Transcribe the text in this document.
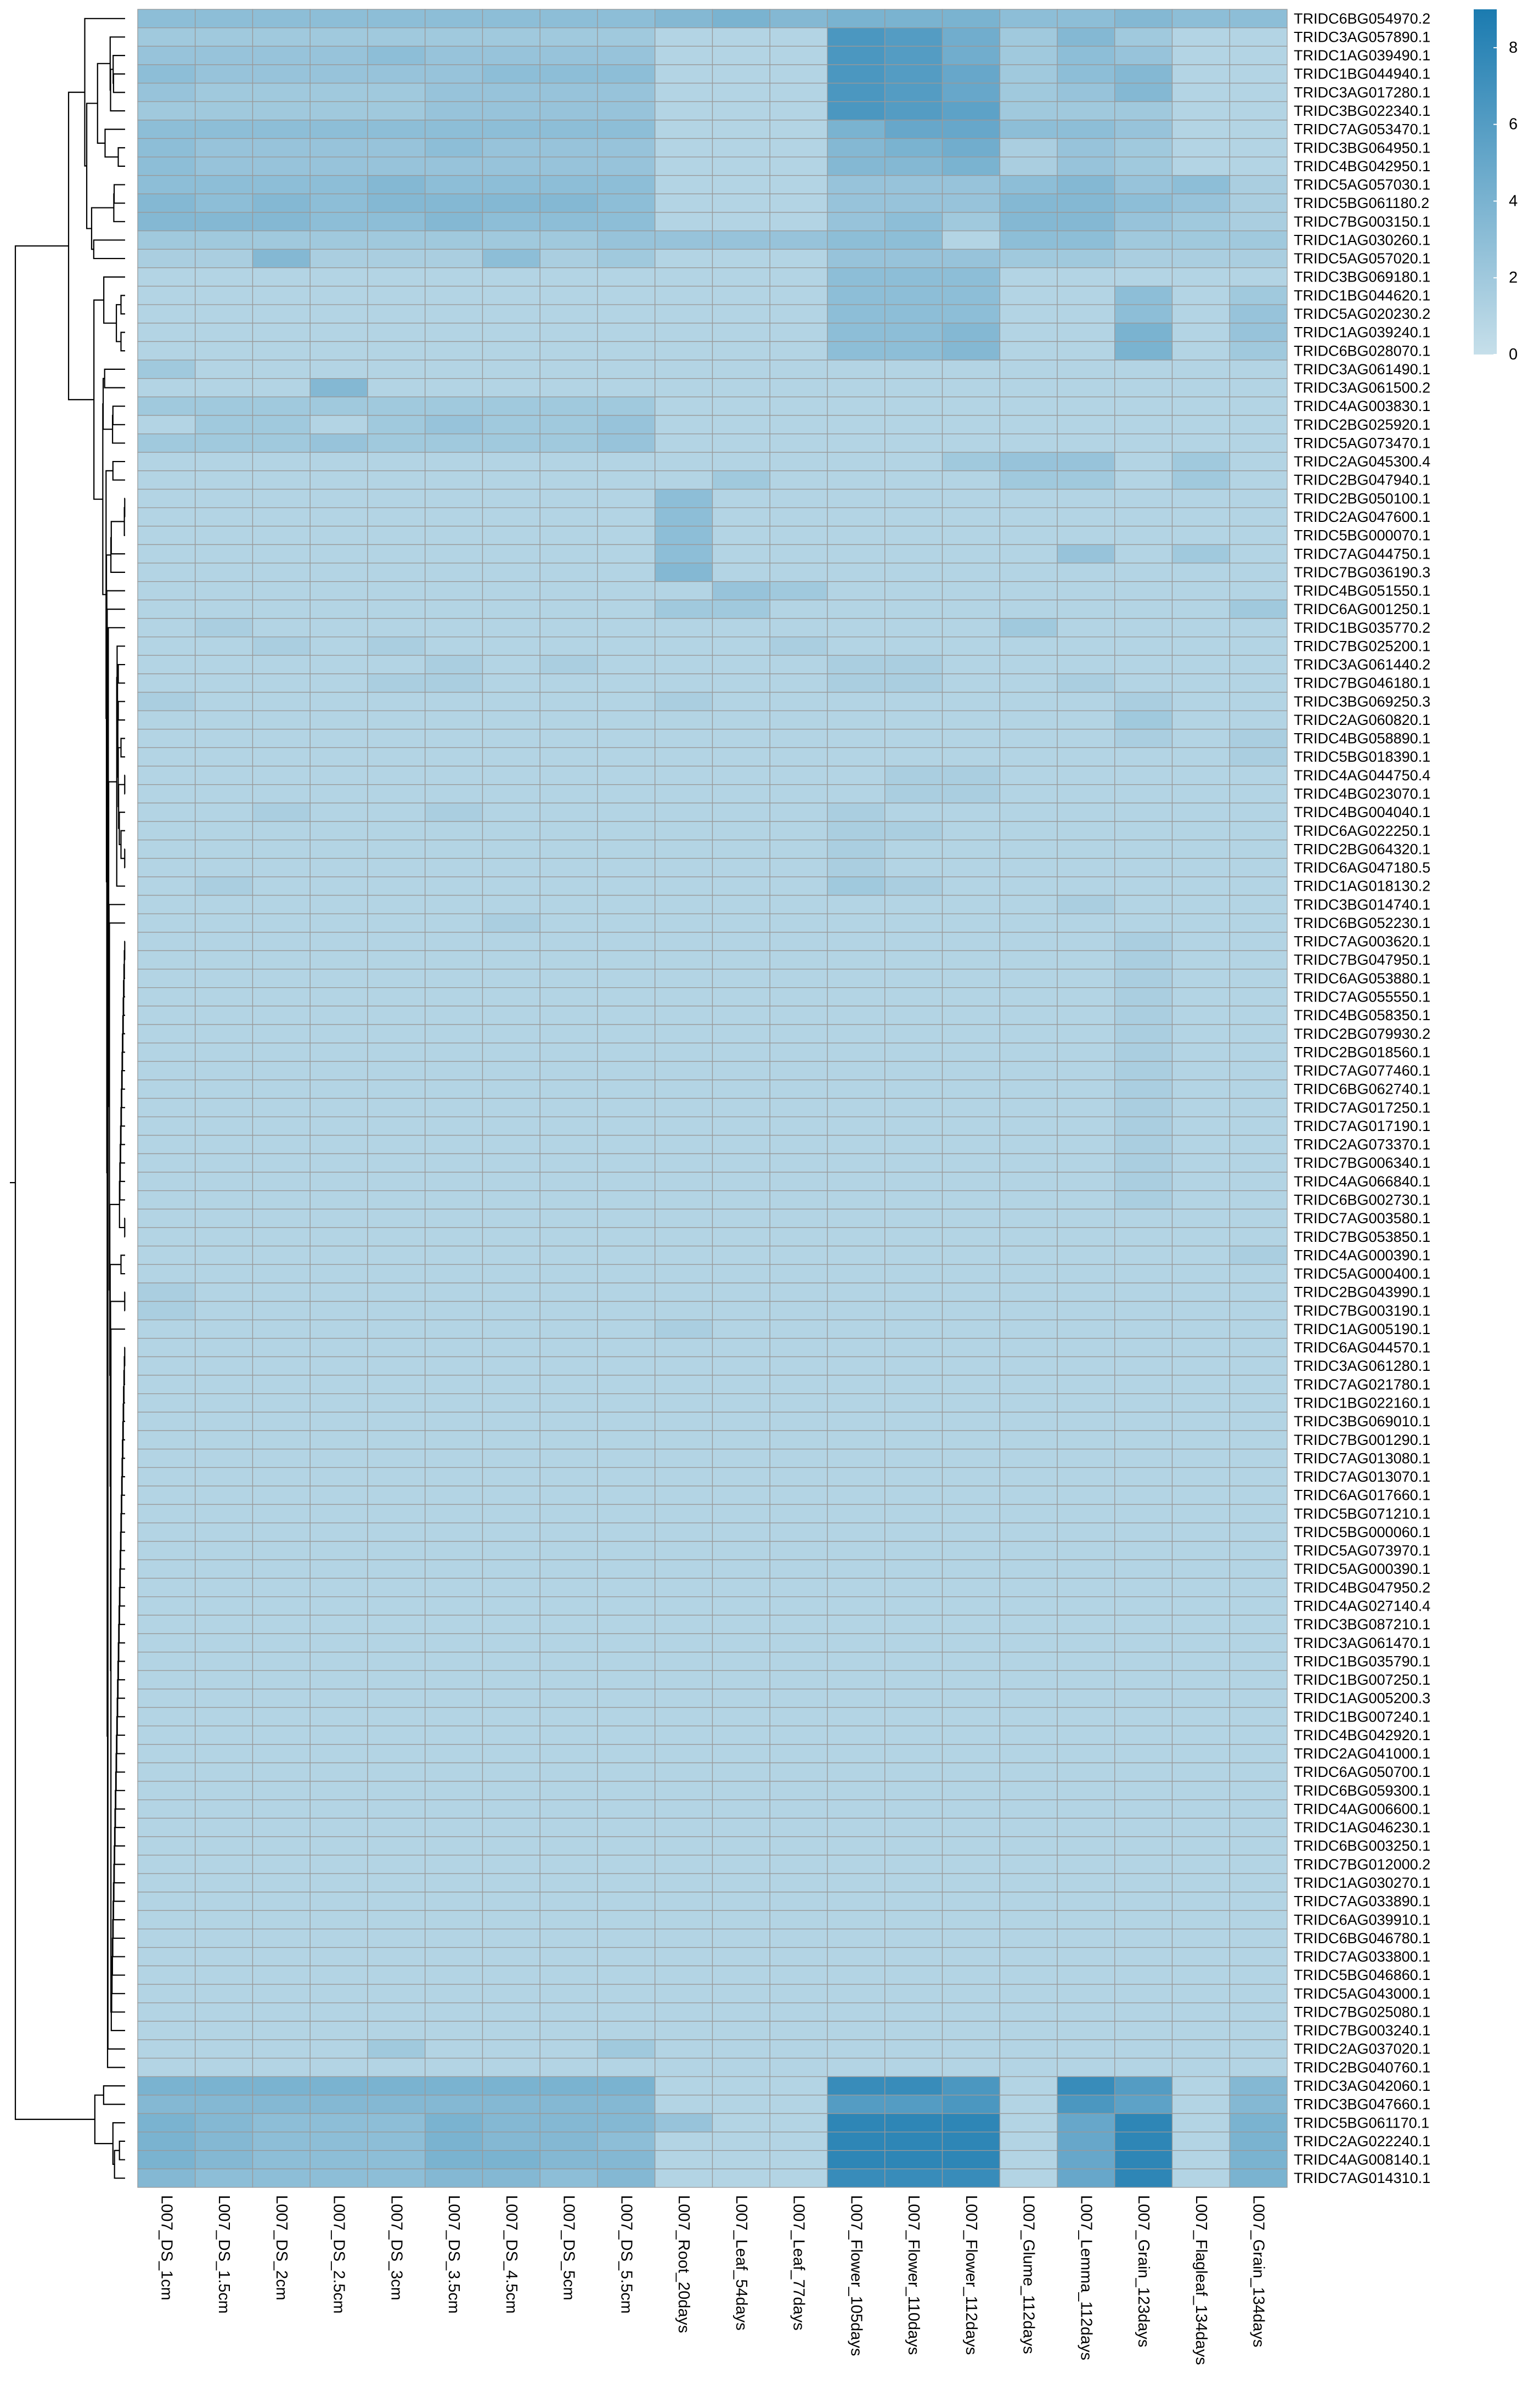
TRIDC6BG054970.2
TRIDC3AG057890.1
TRIDC1AG039490.1
TRIDC1BG044940.1
TRIDC3AG017280.1
TRIDC3BG022340.1
TRIDC7AG053470.1
TRIDC3BG064950.1
TRIDC4BG042950.1
TRIDC5AG057030.1
TRIDC5BG061180.2
TRIDC7BG003150.1
TRIDC1AG030260.1
TRIDC5AG057020.1
TRIDC3BG069180.1
TRIDC1BG044620.1
TRIDC5AG020230.2
TRIDC1AG039240.1
TRIDC6BG028070.1
TRIDC3AG061490.1
TRIDC3AG061500.2
TRIDC4AG003830.1
TRIDC2BG025920.1
TRIDC5AG073470.1
TRIDC2AG045300.4
TRIDC2BG047940.1
TRIDC2BG050100.1
TRIDC2AG047600.1
TRIDC5BG000070.1
TRIDC7AG044750.1
TRIDC7BG036190.3
TRIDC4BG051550.1
TRIDC6AG001250.1
TRIDC1BG035770.2
TRIDC7BG025200.1
TRIDC3AG061440.2
TRIDC7BG046180.1
TRIDC3BG069250.3
TRIDC2AG060820.1
TRIDC4BG058890.1
TRIDC5BG018390.1
TRIDC4AG044750.4
TRIDC4BG023070.1
TRIDC4BG004040.1
TRIDC6AG022250.1
TRIDC2BG064320.1
TRIDC6AG047180.5
TRIDC1AG018130.2
TRIDC3BG014740.1
TRIDC6BG052230.1
TRIDC7AG003620.1
TRIDC7BG047950.1
TRIDC6AG053880.1
TRIDC7AG055550.1
TRIDC4BG058350.1
TRIDC2BG079930.2
TRIDC2BG018560.1
TRIDC7AG077460.1
TRIDC6BG062740.1
TRIDC7AG017250.1
TRIDC7AG017190.1
TRIDC2AG073370.1
TRIDC7BG006340.1
TRIDC4AG066840.1
TRIDC6BG002730.1
TRIDC7AG003580.1
TRIDC7BG053850.1
TRIDC4AG000390.1
TRIDC5AG000400.1
TRIDC2BG043990.1
TRIDC7BG003190.1
TRIDC1AG005190.1
TRIDC6AG044570.1
TRIDC3AG061280.1
TRIDC7AG021780.1
TRIDC1BG022160.1
TRIDC3BG069010.1
TRIDC7BG001290.1
TRIDC7AG013080.1
TRIDC7AG013070.1
TRIDC6AG017660.1
TRIDC5BG071210.1
TRIDC5BG000060.1
TRIDC5AG073970.1
TRIDC5AG000390.1
TRIDC4BG047950.2
TRIDC4AG027140.4
TRIDC3BG087210.1
TRIDC3AG061470.1
TRIDC1BG035790.1
TRIDC1BG007250.1
TRIDC1AG005200.3
TRIDC1BG007240.1
TRIDC4BG042920.1
TRIDC2AG041000.1
TRIDC6AG050700.1
TRIDC6BG059300.1
TRIDC4AG006600.1
TRIDC1AG046230.1
TRIDC6BG003250.1
TRIDC7BG012000.2
TRIDC1AG030270.1
TRIDC7AG033890.1
TRIDC6AG039910.1
TRIDC6BG046780.1
TRIDC7AG033800.1
TRIDC5BG046860.1
TRIDC5AG043000.1
TRIDC7BG025080.1
TRIDC7BG003240.1
TRIDC2AG037020.1
TRIDC2BG040760.1
TRIDC3AG042060.1
TRIDC3BG047660.1
TRIDC5BG061170.1
TRIDC2AG022240.1
TRIDC4AG008140.1
TRIDC7AG014310.1
L007_DS_1cm	L007_DS_1.5cm	L007_DS_2cm	L007_DS_2.5cm	L007_DS_3cm	L007_DS_3.5cm	L007_DS_4.5cm	L007_DS_5cm	L007_DS_5.5cm	L007_Root_20days	L007_Leaf_54days	L007_Leaf_77days	L007_Flower_105days	L007_Flower_110days	L007_Flower_112days	L007_Glume_112days	L007_Lemma_112days	L007_Grain_123days	L007_Flagleaf_134days	L007_Grain_134days
0
2
4
6
8
